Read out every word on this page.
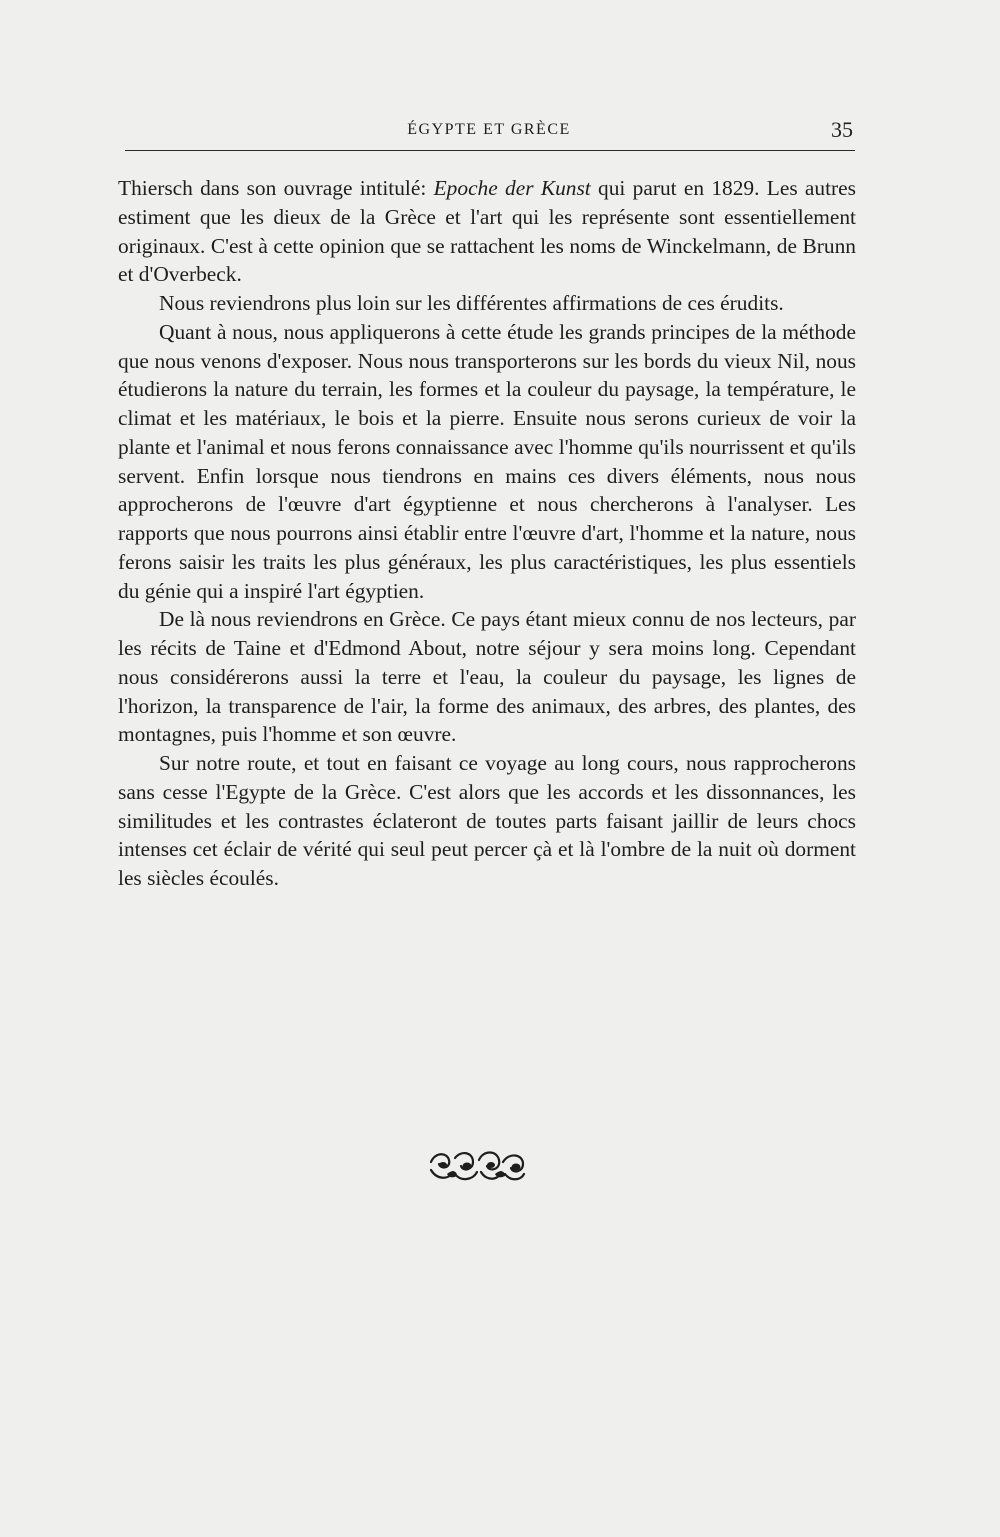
ÉGYPTE ET GRÈCE	35

Thiersch dans son ouvrage intitulé: Epoche der Kunst qui parut en 1829. Les autres estiment que les dieux de la Grèce et l'art qui les représente sont essentiellement originaux. C'est à cette opinion que se rattachent les noms de Winckelmann, de Brunn et d'Overbeck.

Nous reviendrons plus loin sur les différentes affirmations de ces érudits.

Quant à nous, nous appliquerons à cette étude les grands principes de la méthode que nous venons d'exposer. Nous nous transporterons sur les bords du vieux Nil, nous étudierons la nature du terrain, les formes et la couleur du paysage, la température, le climat et les matériaux, le bois et la pierre. Ensuite nous serons curieux de voir la plante et l'animal et nous ferons connaissance avec l'homme qu'ils nourrissent et qu'ils servent. Enfin lorsque nous tiendrons en mains ces divers éléments, nous nous approcherons de l'œuvre d'art égyptienne et nous chercherons à l'analyser. Les rapports que nous pourrons ainsi établir entre l'œuvre d'art, l'homme et la nature, nous ferons saisir les traits les plus généraux, les plus caractéristiques, les plus essentiels du génie qui a inspiré l'art égyptien.

De là nous reviendrons en Grèce. Ce pays étant mieux connu de nos lecteurs, par les récits de Taine et d'Edmond About, notre séjour y sera moins long. Cependant nous considérerons aussi la terre et l'eau, la couleur du paysage, les lignes de l'horizon, la transparence de l'air, la forme des animaux, des arbres, des plantes, des montagnes, puis l'homme et son œuvre.

Sur notre route, et tout en faisant ce voyage au long cours, nous rapprocherons sans cesse l'Egypte de la Grèce. C'est alors que les accords et les dissonnances, les similitudes et les contrastes éclateront de toutes parts faisant jaillir de leurs chocs intenses cet éclair de vérité qui seul peut percer çà et là l'ombre de la nuit où dorment les siècles écoulés.
